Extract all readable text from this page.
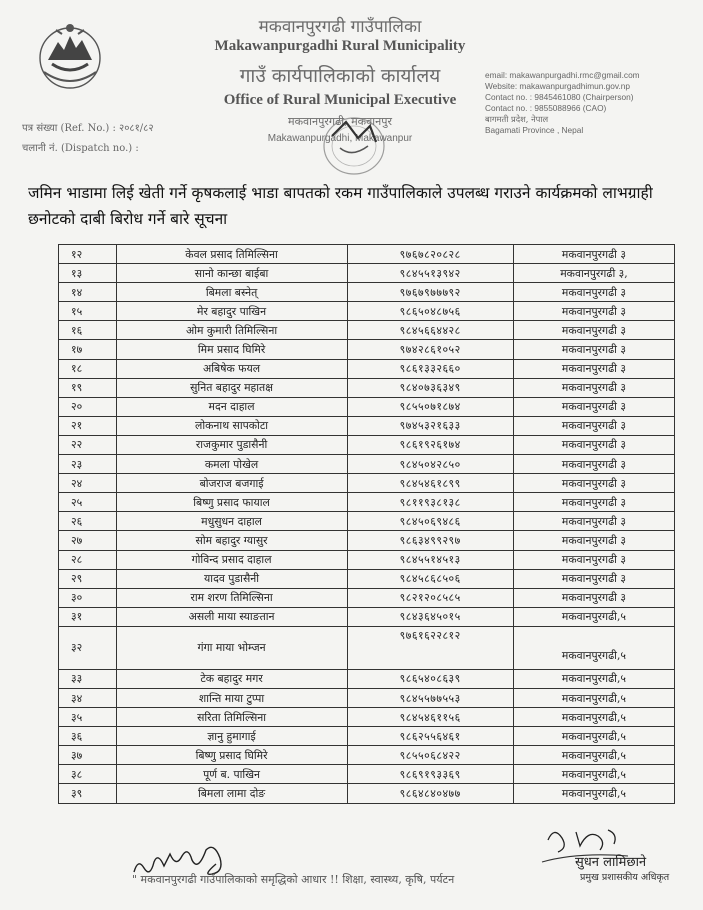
मकवानपुरगढी गाउँपालिका
Makawanpurgadhi Rural Municipality
गाउँ कार्यपालिकाको कार्यालय
Office of Rural Municipal Executive
मकवानपुरगढी, मकवानपुर
Makawanpurgadhi, Makawanpur
email: makawanpurgadhi.rmc@gmail.com
Website: makawanpurgadhimun.gov.np
Contact no. : 9845461080 (Chairperson)
Contact no. : 9855088966 (CAO)
बागमती प्रदेश, नेपाल
Bagamati Province , Nepal
पत्र संख्या (Ref. No.) : २०८१/८२
चलानी नं. (Dispatch no.) :
जमिन भाडामा लिई खेती गर्ने कृषकलाई भाडा बापतको रकम गाउँपालिकाले उपलब्ध गराउने कार्यक्रमको लाभग्राही छनोटको दाबी बिरोध गर्ने बारे सूचना
१२	केवल प्रसाद तिमिल्सिना	९७६७८२०८२८	मकवानपुरगढी ३
१३	सानो कान्छा बाईबा	९८४५५१३९४२	मकवानपुरगढी ३,
१४	बिमला बस्नेत्	९७६७९७७७९२	मकवानपुरगढी ३
१५	मेर बहादुर पाखिन	९८६५०४८७५६	मकवानपुरगढी ३
१६	ओम कुमारी तिमिल्सिना	९८४५६६४४२८	मकवानपुरगढी ३
१७	मिम प्रसाद घिमिरे	९७४२८६१०५२	मकवानपुरगढी ३
१८	अबिषेक फयल	९८६१३३२६६०	मकवानपुरगढी ३
१९	सुनित बहादुर महातक्ष	९८४०७३६३४९	मकवानपुरगढी ३
२०	मदन दाहाल	९८५५०७१८७४	मकवानपुरगढी ३
२१	लोकनाथ सापकोटा	९७४५३२१६३३	मकवानपुरगढी ३
२२	राजकुमार पुडासैनी	९८६१९२६१७४	मकवानपुरगढी ३
२३	कमला पोखेल	९८४५०४२८५०	मकवानपुरगढी ३
२४	बोजराज बजगाई	९८४५४६१८९९	मकवानपुरगढी ३
२५	बिष्णु प्रसाद फायाल	९८११९३८१३८	मकवानपुरगढी ३
२६	मधुसुधन दाहाल	९८४५०६९४८६	मकवानपुरगढी ३
२७	सोम बहादुर ग्यासुर	९८६३४९९२९७	मकवानपुरगढी ३
२८	गोविन्द प्रसाद दाहाल	९८४५५१४५१३	मकवानपुरगढी ३
२९	यादव पुडासैनी	९८४५८६८५०६	मकवानपुरगढी ३
३०	राम शरण तिमिल्सिना	९८२१२०८५८५	मकवानपुरगढी ३
३१	असली माया स्याङतान	९८४३६४५०१५	मकवानपुरगढी,५
३२	गंगा माया भोम्जन	९७६१६२२८१२	मकवानपुरगढी,५
३३	टेक बहादुर मगर	९८६५४०८६३९	मकवानपुरगढी,५
३४	शान्ति माया टुप्पा	९८४५५७७५५३	मकवानपुरगढी,५
३५	सरिता तिमिल्सिना	९८४५४६११५६	मकवानपुरगढी,५
३६	ज्ञानु हुमागाई	९८६२५५६४६१	मकवानपुरगढी,५
३७	बिष्णु प्रसाद घिमिरे	९८५५०६८४२२	मकवानपुरगढी,५
३८	पूर्ण ब. पाखिन	९८६९१९३३६९	मकवानपुरगढी,५
३९	बिमला लामा दोङ	९८६४८४०४७७	मकवानपुरगढी,५
" मकवानपुरगढी गाउँपालिकाको समृद्धिको आधार !! शिक्षा, स्वास्थ्य, कृषि, पर्यटन
सुधन लामिछाने
प्रमुख प्रशासकीय अधिकृत
